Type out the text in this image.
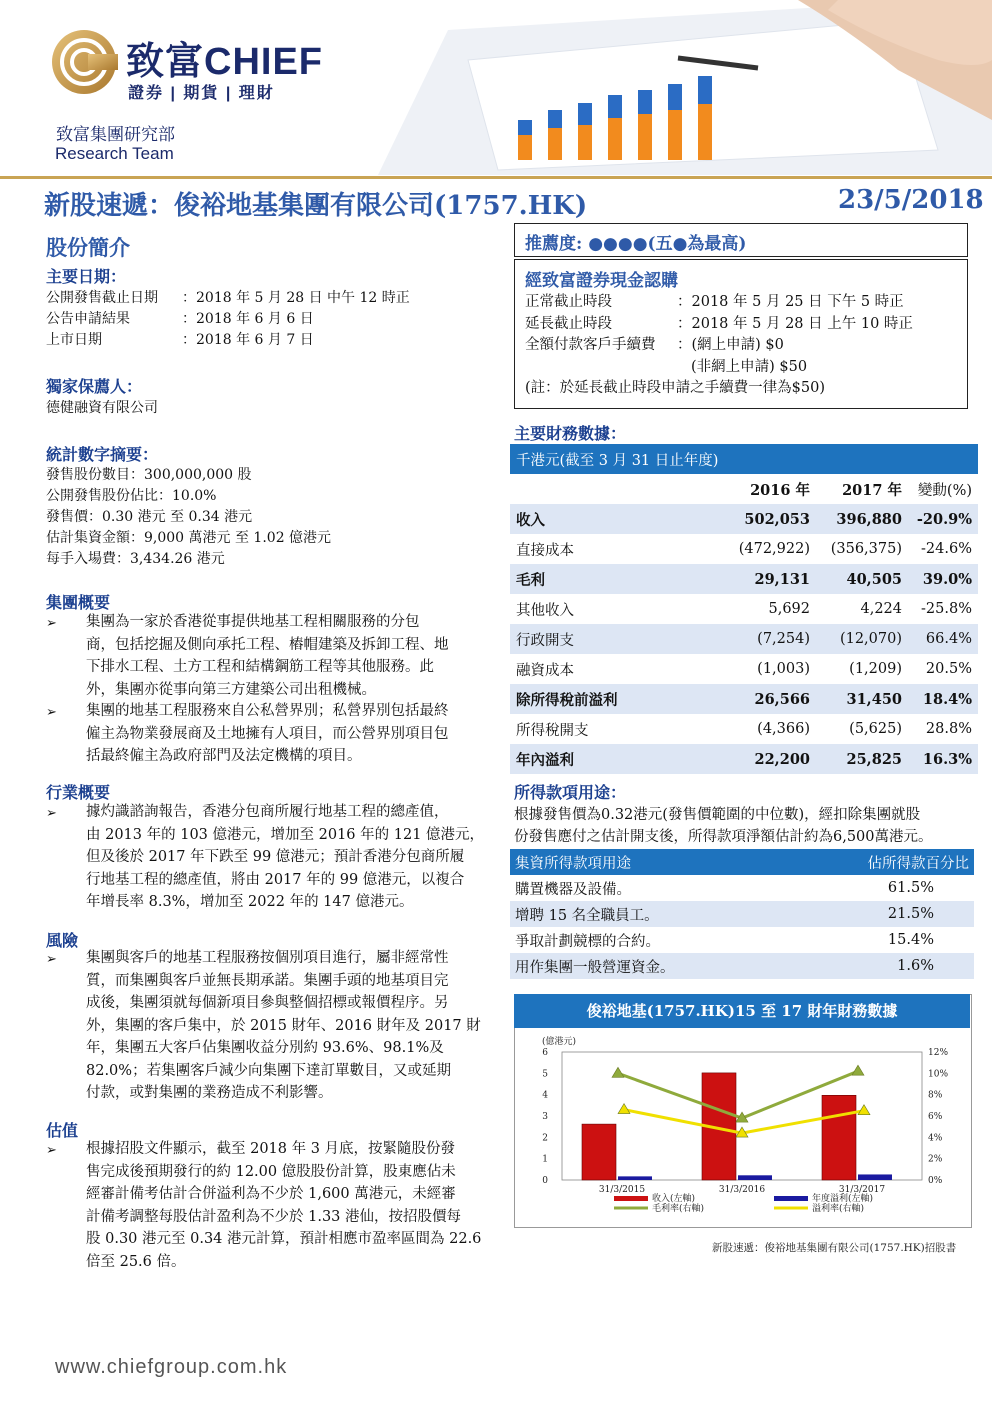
致富CHIEF
證券 | 期貨 | 理財
致富集團研究部
Research Team
新股速遞：俊裕地基集團有限公司(1757.HK)	23/5/2018
股份簡介
主要日期：
公開發售截止日期	：2018 年 5 月 28 日 中午 12 時正
公告申請結果	：2018 年 6 月 6 日
上市日期	：2018 年 6 月 7 日
獨家保薦人：
德健融資有限公司
統計數字摘要：
發售股份數目：300,000,000 股
公開發售股份佔比：10.0%
發售價：0.30 港元 至 0.34 港元
估計集資金額：9,000 萬港元 至 1.02 億港元
每手入場費：3,434.26 港元
集團概要
➢ 集團為一家於香港從事提供地基工程相關服務的分包
商，包括挖掘及側向承托工程、樁帽建築及拆卸工程、地
下排水工程、土方工程和結構鋼筋工程等其他服務。此
外，集團亦從事向第三方建築公司出租機械。
➢ 集團的地基工程服務來自公私營界別；私營界別包括最終
僱主為物業發展商及土地擁有人項目，而公營界別項目包
括最終僱主為政府部門及法定機構的項目。
行業概要
➢ 據灼識諮詢報告，香港分包商所履行地基工程的總產值，
由 2013 年的 103 億港元，增加至 2016 年的 121 億港元，
但及後於 2017 年下跌至 99 億港元；預計香港分包商所履
行地基工程的總產值，將由 2017 年的 99 億港元，以複合
年增長率 8.3%，增加至 2022 年的 147 億港元。
風險
➢ 集團與客戶的地基工程服務按個別項目進行，屬非經常性
質，而集團與客戶並無長期承諾。集團手頭的地基項目完
成後，集團須就每個新項目參與整個招標或報價程序。另
外，集團的客戶集中，於 2015 財年、2016 財年及 2017 財
年，集團五大客戶佔集團收益分別約 93.6%、98.1%及
82.0%；若集團客戶減少向集團下達訂單數目，又或延期
付款，或對集團的業務造成不利影響。
估值
➢ 根據招股文件顯示，截至 2018 年 3 月底，按緊隨股份發
售完成後預期發行的約 12.00 億股股份計算，股東應佔未
經審計備考估計合併溢利為不少於 1,600 萬港元，未經審
計備考調整每股估計盈利為不少於 1.33 港仙，按招股價每
股 0.30 港元至 0.34 港元計算，預計相應市盈率區間為 22.6
倍至 25.6 倍。
推薦度: ●●●●(五●為最高)
經致富證券現金認購
正常截止時段	：2018 年 5 月 25 日 下午 5 時正
延長截止時段	：2018 年 5 月 28 日 上午 10 時正
全額付款客戶手續費	：(網上申請) $0
(非網上申請) $50
(註：於延長截止時段申請之手續費一律為$50)
主要財務數據：
千港元(截至 3 月 31 日止年度)			
	2016 年	2017 年	變動(%)
收入	502,053	396,880	-20.9%
直接成本	(472,922)	(356,375)	-24.6%
毛利	29,131	40,505	39.0%
其他收入	5,692	4,224	-25.8%
行政開支	(7,254)	(12,070)	66.4%
融資成本	(1,003)	(1,209)	20.5%
除所得稅前溢利	26,566	31,450	18.4%
所得稅開支	(4,366)	(5,625)	28.8%
年內溢利	22,200	25,825	16.3%
所得款項用途：
根據發售價為0.32港元(發售價範圍的中位數)，經扣除集團就股
份發售應付之估計開支後，所得款項淨額估計約為6,500萬港元。
集資所得款項用途	佔所得款百分比
購置機器及設備。	61.5%
增聘 15 名全職員工。	21.5%
爭取計劃競標的合約。	15.4%
用作集團一般營運資金。	1.6%
俊裕地基(1757.HK)15 至 17 財年財務數據
(億港元)
0
1
2
3
4
5
6
0%
2%
4%
6%
8%
10%
12%
31/3/2015	31/3/2016	31/3/2017
收入(左軸)	年度溢利(左軸)
毛利率(右軸)	溢利率(右軸)
新股速遞：俊裕地基集團有限公司(1757.HK)招股書
www.chiefgroup.com.hk
